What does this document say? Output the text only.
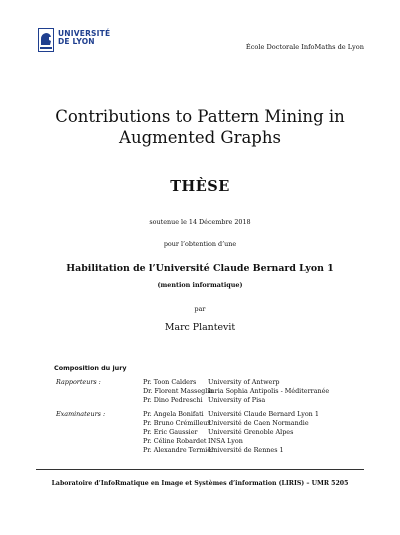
UNIVERSITÉ
DE LYON
École Doctorale InfoMaths de Lyon
Contributions to Pattern Mining in
Augmented Graphs
THÈSE
soutenue le 14 Décembre 2018
pour l’obtention d’une
Habilitation de l’Université Claude Bernard Lyon 1
(mention informatique)
par
Marc Plantevit
Composition du jury
Rapporteurs :	Pr. Toon Calders University of Antwerp
Dr. Florent Masseglia
Inria Sophia Antipolis - Méditerranée
Pr. Dino Pedreschi University of Pisa
Examinateurs :	Pr. Angela Bonifati Université Claude Bernard Lyon 1
Pr. Bruno Crémilleux
Université de Caen Normandie
Pr. Eric Gaussier Université Grenoble Alpes
Pr. Céline Robardet INSA Lyon
Pr. Alexandre Termier
Université de Rennes 1
Laboratoire d’InfoRmatique en Image et Systèmes d’information (LIRIS) – UMR 5205
